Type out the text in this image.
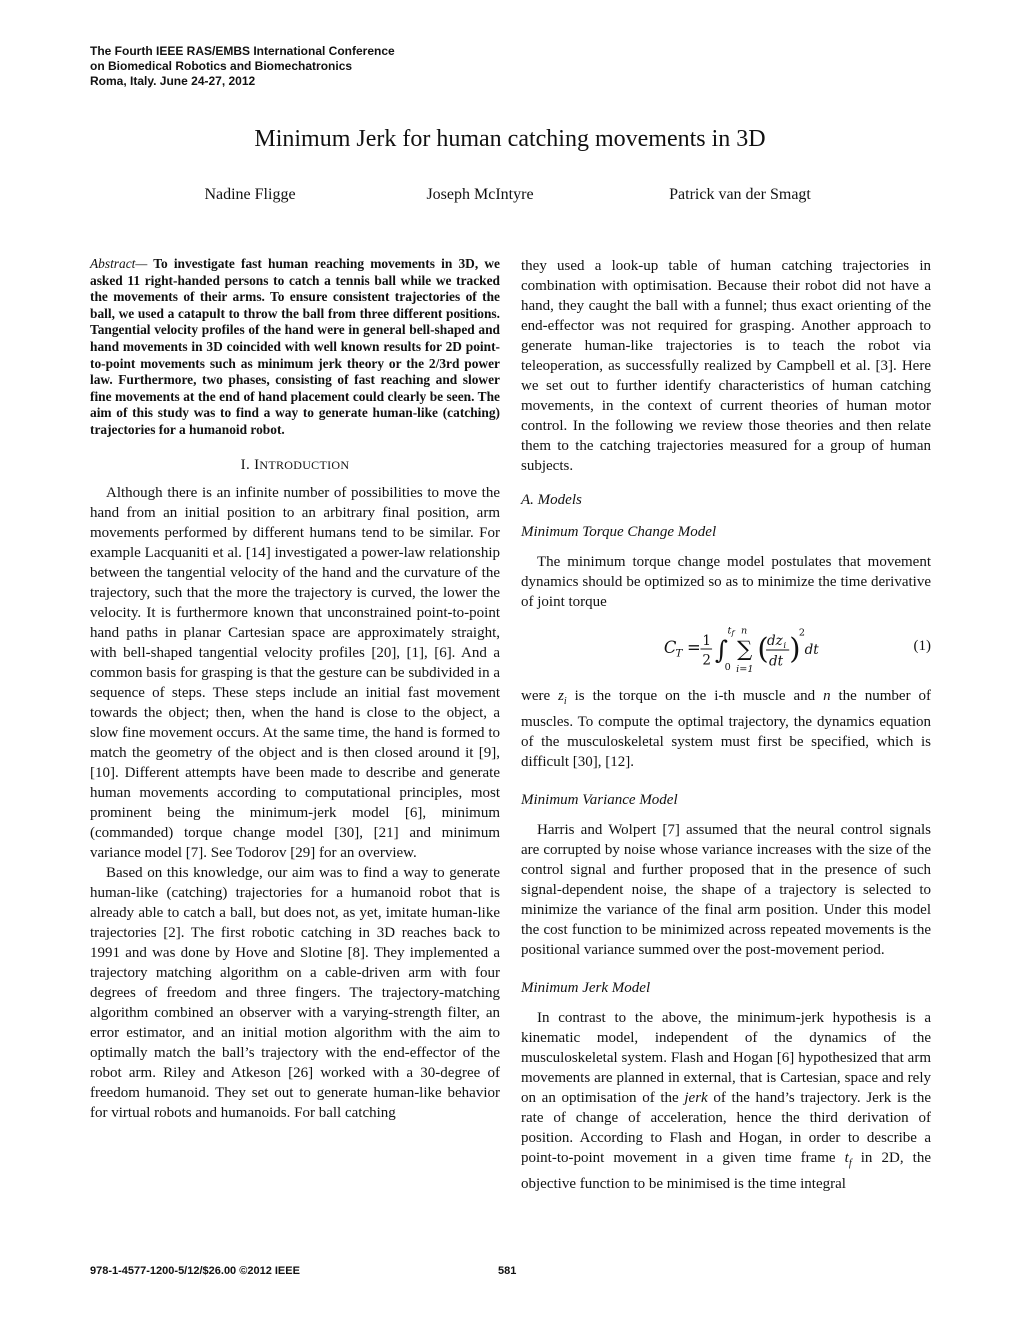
The Fourth IEEE RAS/EMBS International Conference
on Biomedical Robotics and Biomechatronics
Roma, Italy. June 24-27, 2012
Minimum Jerk for human catching movements in 3D
Nadine Fligge	Joseph McIntyre	Patrick van der Smagt

Abstract— To investigate fast human reaching movements in 3D, we asked 11 right-handed persons to catch a tennis ball while we tracked the movements of their arms. To ensure consistent trajectories of the ball, we used a catapult to throw the ball from three different positions. Tangential velocity profiles of the hand were in general bell-shaped and hand movements in 3D coincided with well known results for 2D point-to-point movements such as minimum jerk theory or the 2/3rd power law. Furthermore, two phases, consisting of fast reaching and slower fine movements at the end of hand placement could clearly be seen. The aim of this study was to find a way to generate human-like (catching) trajectories for a humanoid robot.

I. INTRODUCTION

Although there is an infinite number of possibilities to move the hand from an initial position to an arbitrary final position, arm movements performed by different humans tend to be similar. For example Lacquaniti et al. [14] investigated a power-law relationship between the tangential velocity of the hand and the curvature of the trajectory, such that the more the trajectory is curved, the lower the velocity. It is furthermore known that unconstrained point-to-point hand paths in planar Cartesian space are approximately straight, with bell-shaped tangential velocity profiles [20], [1], [6]. And a common basis for grasping is that the gesture can be subdivided in a sequence of steps. These steps include an initial fast movement towards the object; then, when the hand is close to the object, a slow fine movement occurs. At the same time, the hand is formed to match the geometry of the object and is then closed around it [9], [10]. Different attempts have been made to describe and generate human movements according to computational principles, most prominent being the minimum-jerk model [6], minimum (commanded) torque change model [30], [21] and minimum variance model [7]. See Todorov [29] for an overview.

Based on this knowledge, our aim was to find a way to generate human-like (catching) trajectories for a humanoid robot that is already able to catch a ball, but does not, as yet, imitate human-like trajectories [2]. The first robotic catching in 3D reaches back to 1991 and was done by Hove and Slotine [8]. They implemented a trajectory matching algorithm on a cable-driven arm with four degrees of freedom and three fingers. The trajectory-matching algorithm combined an observer with a varying-strength filter, an error estimator, and an initial motion algorithm with the aim to optimally match the ball’s trajectory with the end-effector of the robot arm. Riley and Atkeson [26] worked with a 30-degree of freedom humanoid. They set out to generate human-like behavior for virtual robots and humanoids. For ball catching

they used a look-up table of human catching trajectories in combination with optimisation. Because their robot did not have a hand, they caught the ball with a funnel; thus exact orienting of the end-effector was not required for grasping. Another approach to generate human-like trajectories is to teach the robot via teleoperation, as successfully realized by Campbell et al. [3]. Here we set out to further identify characteristics of human catching movements, in the context of current theories of human motor control. In the following we review those theories and then relate them to the catching trajectories measured for a group of human subjects.

A. Models
Minimum Torque Change Model

The minimum torque change model postulates that movement dynamics should be optimized so as to minimize the time derivative of joint torque

C T = 1
2 ∫
t f
0
n
∑
i=1
(
dz i
dt )
2
dt	(1)

were $z_i$ is the torque on the i-th muscle and n the number of muscles. To compute the optimal trajectory, the dynamics equation of the musculoskeletal system must first be specified, which is difficult [30], [12].

Minimum Variance Model

Harris and Wolpert [7] assumed that the neural control signals are corrupted by noise whose variance increases with the size of the control signal and further proposed that in the presence of such signal-dependent noise, the shape of a trajectory is selected to minimize the variance of the final arm position. Under this model the cost function to be minimized across repeated movements is the positional variance summed over the post-movement period.

Minimum Jerk Model

In contrast to the above, the minimum-jerk hypothesis is a kinematic model, independent of the dynamics of the musculoskeletal system. Flash and Hogan [6] hypothesized that arm movements are planned in external, that is Cartesian, space and rely on an optimisation of the jerk of the hand’s trajectory. Jerk is the rate of change of acceleration, hence the third derivation of position. According to Flash and Hogan, in order to describe a point-to-point movement in a given time frame $t_f$ in 2D, the objective function to be minimised is the time integral

978-1-4577-1200-5/12/$26.00 ©2012 IEEE	581
